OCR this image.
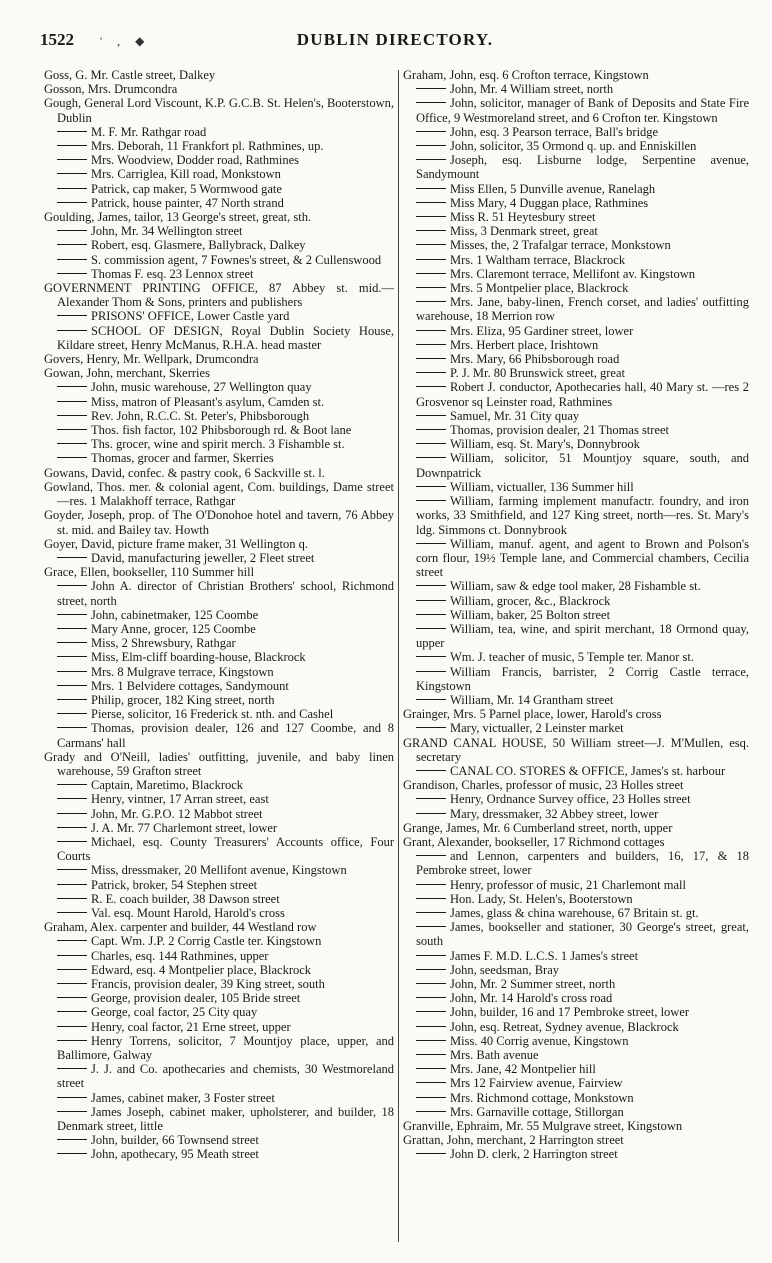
1522 ' , ◆	DUBLIN DIRECTORY.
Goss, G. Mr. Castle street, Dalkey
Gosson, Mrs. Drumcondra
Gough, General Lord Viscount, K.P. G.C.B. St. Helen's, Booterstown, Dublin
M. F. Mr. Rathgar road
Mrs. Deborah, 11 Frankfort pl. Rathmines, up.
Mrs. Woodview, Dodder road, Rathmines
Mrs. Carriglea, Kill road, Monkstown
Patrick, cap maker, 5 Wormwood gate
Patrick, house painter, 47 North strand
Goulding, James, tailor, 13 George's street, great, sth.
John, Mr. 34 Wellington street
Robert, esq. Glasmere, Ballybrack, Dalkey
S. commission agent, 7 Fownes's street, & 2 Cullenswood
Thomas F. esq. 23 Lennox street
GOVERNMENT PRINTING OFFICE, 87 Abbey st. mid.—Alexander Thom & Sons, printers and publishers
PRISONS' OFFICE, Lower Castle yard
SCHOOL OF DESIGN, Royal Dublin Society House, Kildare street, Henry McManus, R.H.A. head master
Govers, Henry, Mr. Wellpark, Drumcondra
Gowan, John, merchant, Skerries
John, music warehouse, 27 Wellington quay
Miss, matron of Pleasant's asylum, Camden st.
Rev. John, R.C.C. St. Peter's, Phibsborough
Thos. fish factor, 102 Phibsborough rd. & Boot lane
Ths. grocer, wine and spirit merch. 3 Fishamble st.
Thomas, grocer and farmer, Skerries
Gowans, David, confec. & pastry cook, 6 Sackville st. l.
Gowland, Thos. mer. & colonial agent, Com. buildings, Dame street—res. 1 Malakhoff terrace, Rathgar
Goyder, Joseph, prop. of The O'Donohoe hotel and tavern, 76 Abbey st. mid. and Bailey tav. Howth
Goyer, David, picture frame maker, 31 Wellington q.
David, manufacturing jeweller, 2 Fleet street
Grace, Ellen, bookseller, 110 Summer hill
John A. director of Christian Brothers' school, Richmond street, north
John, cabinetmaker, 125 Coombe
Mary Anne, grocer, 125 Coombe
Miss, 2 Shrewsbury, Rathgar
Miss, Elm-cliff boarding-house, Blackrock
Mrs. 8 Mulgrave terrace, Kingstown
Mrs. 1 Belvidere cottages, Sandymount
Philip, grocer, 182 King street, north
Pierse, solicitor, 16 Frederick st. nth. and Cashel
Thomas, provision dealer, 126 and 127 Coombe, and 8 Carmans' hall
Grady and O'Neill, ladies' outfitting, juvenile, and baby linen warehouse, 59 Grafton street
Captain, Maretimo, Blackrock
Henry, vintner, 17 Arran street, east
John, Mr. G.P.O. 12 Mabbot street
J. A. Mr. 77 Charlemont street, lower
Michael, esq. County Treasurers' Accounts office, Four Courts
Miss, dressmaker, 20 Mellifont avenue, Kingstown
Patrick, broker, 54 Stephen street
R. E. coach builder, 38 Dawson street
Val. esq. Mount Harold, Harold's cross
Graham, Alex. carpenter and builder, 44 Westland row
Capt. Wm. J.P. 2 Corrig Castle ter. Kingstown
Charles, esq. 144 Rathmines, upper
Edward, esq. 4 Montpelier place, Blackrock
Francis, provision dealer, 39 King street, south
George, provision dealer, 105 Bride street
George, coal factor, 25 City quay
Henry, coal factor, 21 Erne street, upper
Henry Torrens, solicitor, 7 Mountjoy place, upper, and Ballimore, Galway
J. J. and Co. apothecaries and chemists, 30 Westmoreland street
James, cabinet maker, 3 Foster street
James Joseph, cabinet maker, upholsterer, and builder, 18 Denmark street, little
John, builder, 66 Townsend street
John, apothecary, 95 Meath street
Graham, John, esq. 6 Crofton terrace, Kingstown
John, Mr. 4 William street, north
John, solicitor, manager of Bank of Deposits and State Fire Office, 9 Westmoreland street, and 6 Crofton ter. Kingstown
John, esq. 3 Pearson terrace, Ball's bridge
John, solicitor, 35 Ormond q. up. and Enniskillen
Joseph, esq. Lisburne lodge, Serpentine avenue, Sandymount
Miss Ellen, 5 Dunville avenue, Ranelagh
Miss Mary, 4 Duggan place, Rathmines
Miss R. 51 Heytesbury street
Miss, 3 Denmark street, great
Misses, the, 2 Trafalgar terrace, Monkstown
Mrs. 1 Waltham terrace, Blackrock
Mrs. Claremont terrace, Mellifont av. Kingstown
Mrs. 5 Montpelier place, Blackrock
Mrs. Jane, baby-linen, French corset, and ladies' outfitting warehouse, 18 Merrion row
Mrs. Eliza, 95 Gardiner street, lower
Mrs. Herbert place, Irishtown
Mrs. Mary, 66 Phibsborough road
P. J. Mr. 80 Brunswick street, great
Robert J. conductor, Apothecaries hall, 40 Mary st. —res 2 Grosvenor sq Leinster road, Rathmines
Samuel, Mr. 31 City quay
Thomas, provision dealer, 21 Thomas street
William, esq. St. Mary's, Donnybrook
William, solicitor, 51 Mountjoy square, south, and Downpatrick
William, victualler, 136 Summer hill
William, farming implement manufactr. foundry, and iron works, 33 Smithfield, and 127 King street, north—res. St. Mary's ldg. Simmons ct. Donnybrook
William, manuf. agent, and agent to Brown and Polson's corn flour, 19½ Temple lane, and Commercial chambers, Cecilia street
William, saw & edge tool maker, 28 Fishamble st.
William, grocer, &c., Blackrock
William, baker, 25 Bolton street
William, tea, wine, and spirit merchant, 18 Ormond quay, upper
Wm. J. teacher of music, 5 Temple ter. Manor st.
William Francis, barrister, 2 Corrig Castle terrace, Kingstown
William, Mr. 14 Grantham street
Grainger, Mrs. 5 Parnel place, lower, Harold's cross
Mary, victualler, 2 Leinster market
GRAND CANAL HOUSE, 50 William street—J. M'Mullen, esq. secretary
CANAL CO. STORES & OFFICE, James's st. harbour
Grandison, Charles, professor of music, 23 Holles street
Henry, Ordnance Survey office, 23 Holles street
Mary, dressmaker, 32 Abbey street, lower
Grange, James, Mr. 6 Cumberland street, north, upper
Grant, Alexander, bookseller, 17 Richmond cottages
and Lennon, carpenters and builders, 16, 17, & 18 Pembroke street, lower
Henry, professor of music, 21 Charlemont mall
Hon. Lady, St. Helen's, Booterstown
James, glass & china warehouse, 67 Britain st. gt.
James, bookseller and stationer, 30 George's street, great, south
James F. M.D. L.C.S. 1 James's street
John, seedsman, Bray
John, Mr. 2 Summer street, north
John, Mr. 14 Harold's cross road
John, builder, 16 and 17 Pembroke street, lower
John, esq. Retreat, Sydney avenue, Blackrock
Miss. 40 Corrig avenue, Kingstown
Mrs. Bath avenue
Mrs. Jane, 42 Montpelier hill
Mrs 12 Fairview avenue, Fairview
Mrs. Richmond cottage, Monkstown
Mrs. Garnaville cottage, Stillorgan
Granville, Ephraim, Mr. 55 Mulgrave street, Kingstown
Grattan, John, merchant, 2 Harrington street
John D. clerk, 2 Harrington street
